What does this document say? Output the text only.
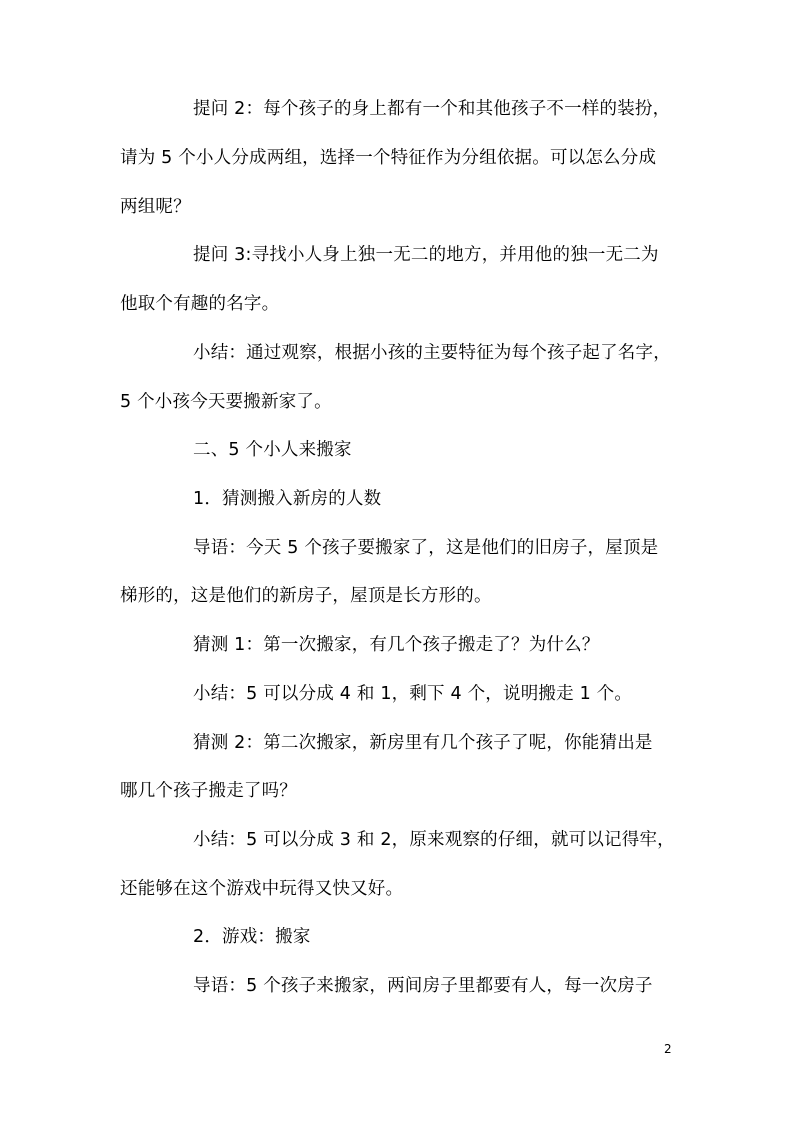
提问 2：每个孩子的身上都有一个和其他孩子不一样的装扮，
请为 5 个小人分成两组，选择一个特征作为分组依据。可以怎么分成
两组呢？
提问 3:寻找小人身上独一无二的地方，并用他的独一无二为
他取个有趣的名字。
小结：通过观察，根据小孩的主要特征为每个孩子起了名字，
5 个小孩今天要搬新家了。
二、5 个小人来搬家
1．猜测搬入新房的人数
导语：今天 5 个孩子要搬家了，这是他们的旧房子，屋顶是
梯形的，这是他们的新房子，屋顶是长方形的。
猜测 1：第一次搬家，有几个孩子搬走了？为什么？
小结：5 可以分成 4 和 1，剩下 4 个，说明搬走 1 个。
猜测 2：第二次搬家，新房里有几个孩子了呢，你能猜出是
哪几个孩子搬走了吗？
小结：5 可以分成 3 和 2，原来观察的仔细，就可以记得牢，
还能够在这个游戏中玩得又快又好。
2．游戏：搬家
导语：5 个孩子来搬家，两间房子里都要有人，每一次房子
2
